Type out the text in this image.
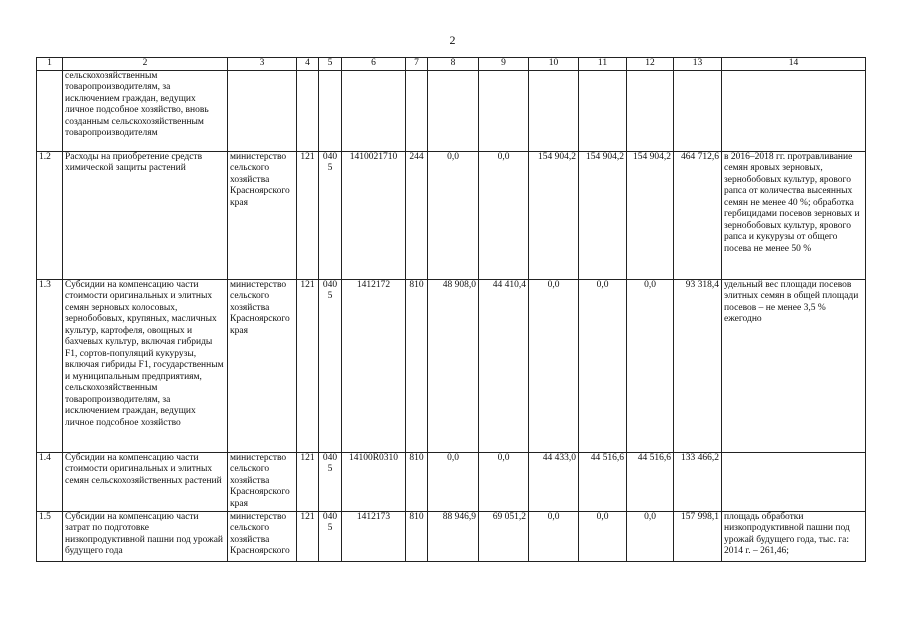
2
1	2	3	4	5	6	7	8	9	10	11	12	13	14
	сельскохозяйственным товаропроизводителям, за исключением граждан, ведущих личное подсобное хозяйство, вновь созданным сельскохозяйственным товаропроизводителям												
1.2	Расходы на приобретение средств химической защиты растений	министерство сельского хозяйства Красноярского края	121	0405	1410021710	244	0,0	0,0	154 904,2	154 904,2	154 904,2	464 712,6	в 2016–2018 гг. протравливание семян яровых зерновых, зернобобовых культур, ярового рапса от количества высеянных семян не менее 40 %; обработка гербицидами посевов зерновых и зернобобовых культур, ярового рапса и кукурузы от общего посева не менее 50 %
1.3	Субсидии на компенсацию части стоимости оригинальных и элитных семян зерновых колосовых, зернобобовых, крупяных, масличных культур, картофеля, овощных и бахчевых культур, включая гибриды F1, сортов-популяций кукурузы, включая гибриды F1, государственным и муниципальным предприятиям, сельскохозяйственным товаропроизводителям, за исключением граждан, ведущих личное подсобное хозяйство	министерство сельского хозяйства Красноярского края	121	0405	1412172	810	48 908,0	44 410,4	0,0	0,0	0,0	93 318,4	удельный вес площади посевов элитных семян в общей площади посевов – не менее 3,5 % ежегодно
1.4	Субсидии на компенсацию части стоимости оригинальных и элитных семян сельскохозяйственных растений	министерство сельского хозяйства Красноярского края	121	0405	14100R0310	810	0,0	0,0	44 433,0	44 516,6	44 516,6	133 466,2	
1.5	Субсидии на компенсацию части затрат по подготовке низкопродуктивной пашни под урожай будущего года	министерство сельского хозяйства Красноярского	121	0405	1412173	810	88 946,9	69 051,2	0,0	0,0	0,0	157 998,1	площадь обработки низкопродуктивной пашни под урожай будущего года, тыс. га: 2014 г. – 261,46;
